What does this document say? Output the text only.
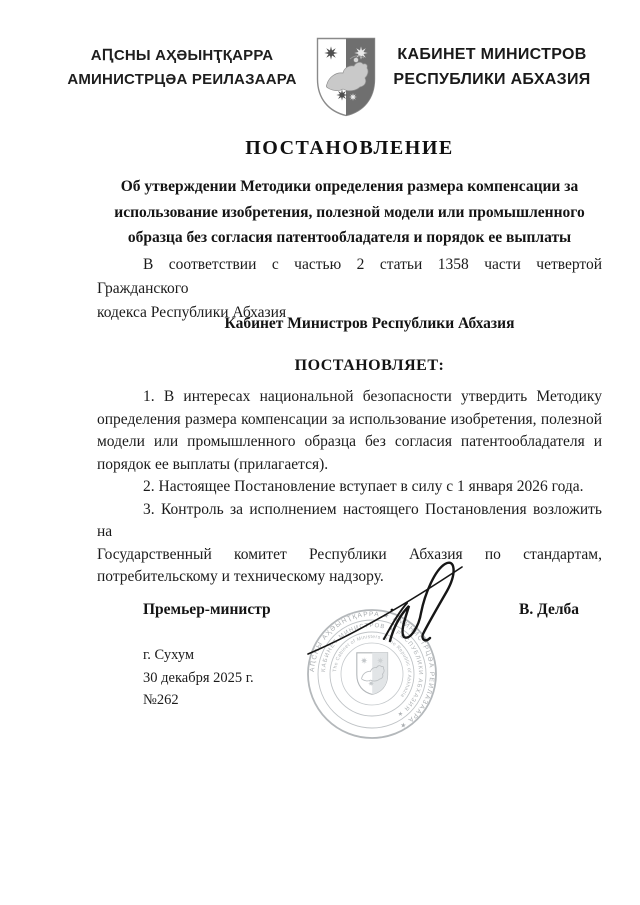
АԤСНЫ АҲӘЫНҬҚАРРА
АМИНИСТРЦӘА РЕИЛАЗААРА
КАБИНЕТ МИНИСТРОВ
РЕСПУБЛИКИ АБХАЗИЯ
ПОСТАНОВЛЕНИЕ
Об утверждении Методики определения размера компенсации за
использование изобретения, полезной модели или промышленного
образца без согласия патентообладателя и порядок ее выплаты
В соответствии с частью 2 статьи 1358 части четвертой Гражданского
кодекса Республики Абхазия
Кабинет Министров Республики Абхазия
ПОСТАНОВЛЯЕТ:
1. В интересах национальной безопасности утвердить Методику
определения размера компенсации за использование изобретения, полезной
модели или промышленного образца без согласия патентообладателя и
порядок ее выплаты (прилагается).
2. Настоящее Постановление вступает в силу с 1 января 2026 года.
3. Контроль за исполнением настоящего Постановления возложить на
Государственный комитет Республики Абхазия по стандартам,
потребительскому и техническому надзору.
Премьер-министр	В. Делба
АԤСНЫ АҲӘЫНҬҚАРРА ★ АМИНИСТРЦӘА РЕИЛАЗААРА ★
КАБИНЕТ МИНИСТРОВ ★ РЕСПУБЛИКИ АБХАЗИЯ ★
The Cabinet of Ministers of the Republic of Abkhazia
г. Сухум
30 декабря 2025 г.
№262
